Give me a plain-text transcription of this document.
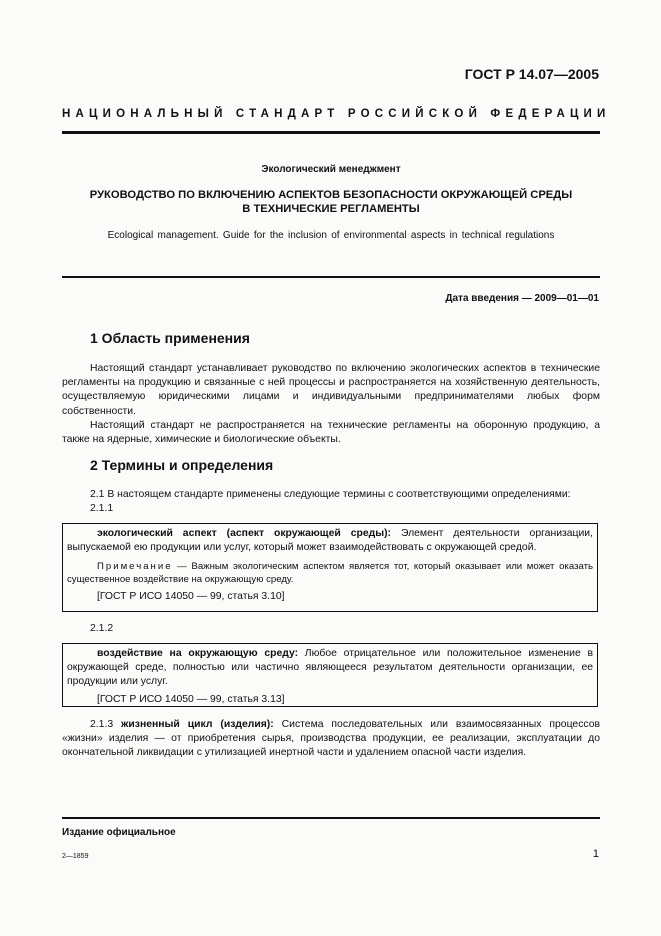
ГОСТ Р 14.07—2005
НАЦИОНАЛЬНЫЙ СТАНДАРТ РОССИЙСКОЙ ФЕДЕРАЦИИ
Экологический менеджмент
РУКОВОДСТВО ПО ВКЛЮЧЕНИЮ АСПЕКТОВ БЕЗОПАСНОСТИ ОКРУЖАЮЩЕЙ СРЕДЫ
В ТЕХНИЧЕСКИЕ РЕГЛАМЕНТЫ
Ecological management. Guide for the inclusion of environmental aspects in technical regulations
Дата введения — 2009—01—01
1 Область применения

Настоящий стандарт устанавливает руководство по включению экологических аспектов в технические регламенты на продукцию и связанные с ней процессы и распространяется на хозяйственную деятельность, осуществляемую юридическими лицами и индивидуальными предпринимателями любых форм собственности.

Настоящий стандарт не распространяется на технические регламенты на оборонную продукцию, а также на ядерные, химические и биологические объекты.

2 Термины и определения

2.1 В настоящем стандарте применены следующие термины с соответствующими определениями:

2.1.1

экологический аспект (аспект окружающей среды): Элемент деятельности организации, выпускаемой ею продукции или услуг, который может взаимодействовать с окружающей средой.

Примечание — Важным экологическим аспектом является тот, который оказывает или может оказать существенное воздействие на окружающую среду.

[ГОСТ Р ИСО 14050 — 99, статья 3.10]

2.1.2

воздействие на окружающую среду: Любое отрицательное или положительное изменение в окружающей среде, полностью или частично являющееся результатом деятельности организации, ее продукции или услуг.

[ГОСТ Р ИСО 14050 — 99, статья 3.13]

2.1.3 жизненный цикл (изделия): Система последовательных или взаимосвязанных процессов «жизни» изделия — от приобретения сырья, производства продукции, ее реализации, эксплуатации до окончательной ликвидации с утилизацией инертной части и удалением опасной части изделия.

Издание официальное
2—1859	1
